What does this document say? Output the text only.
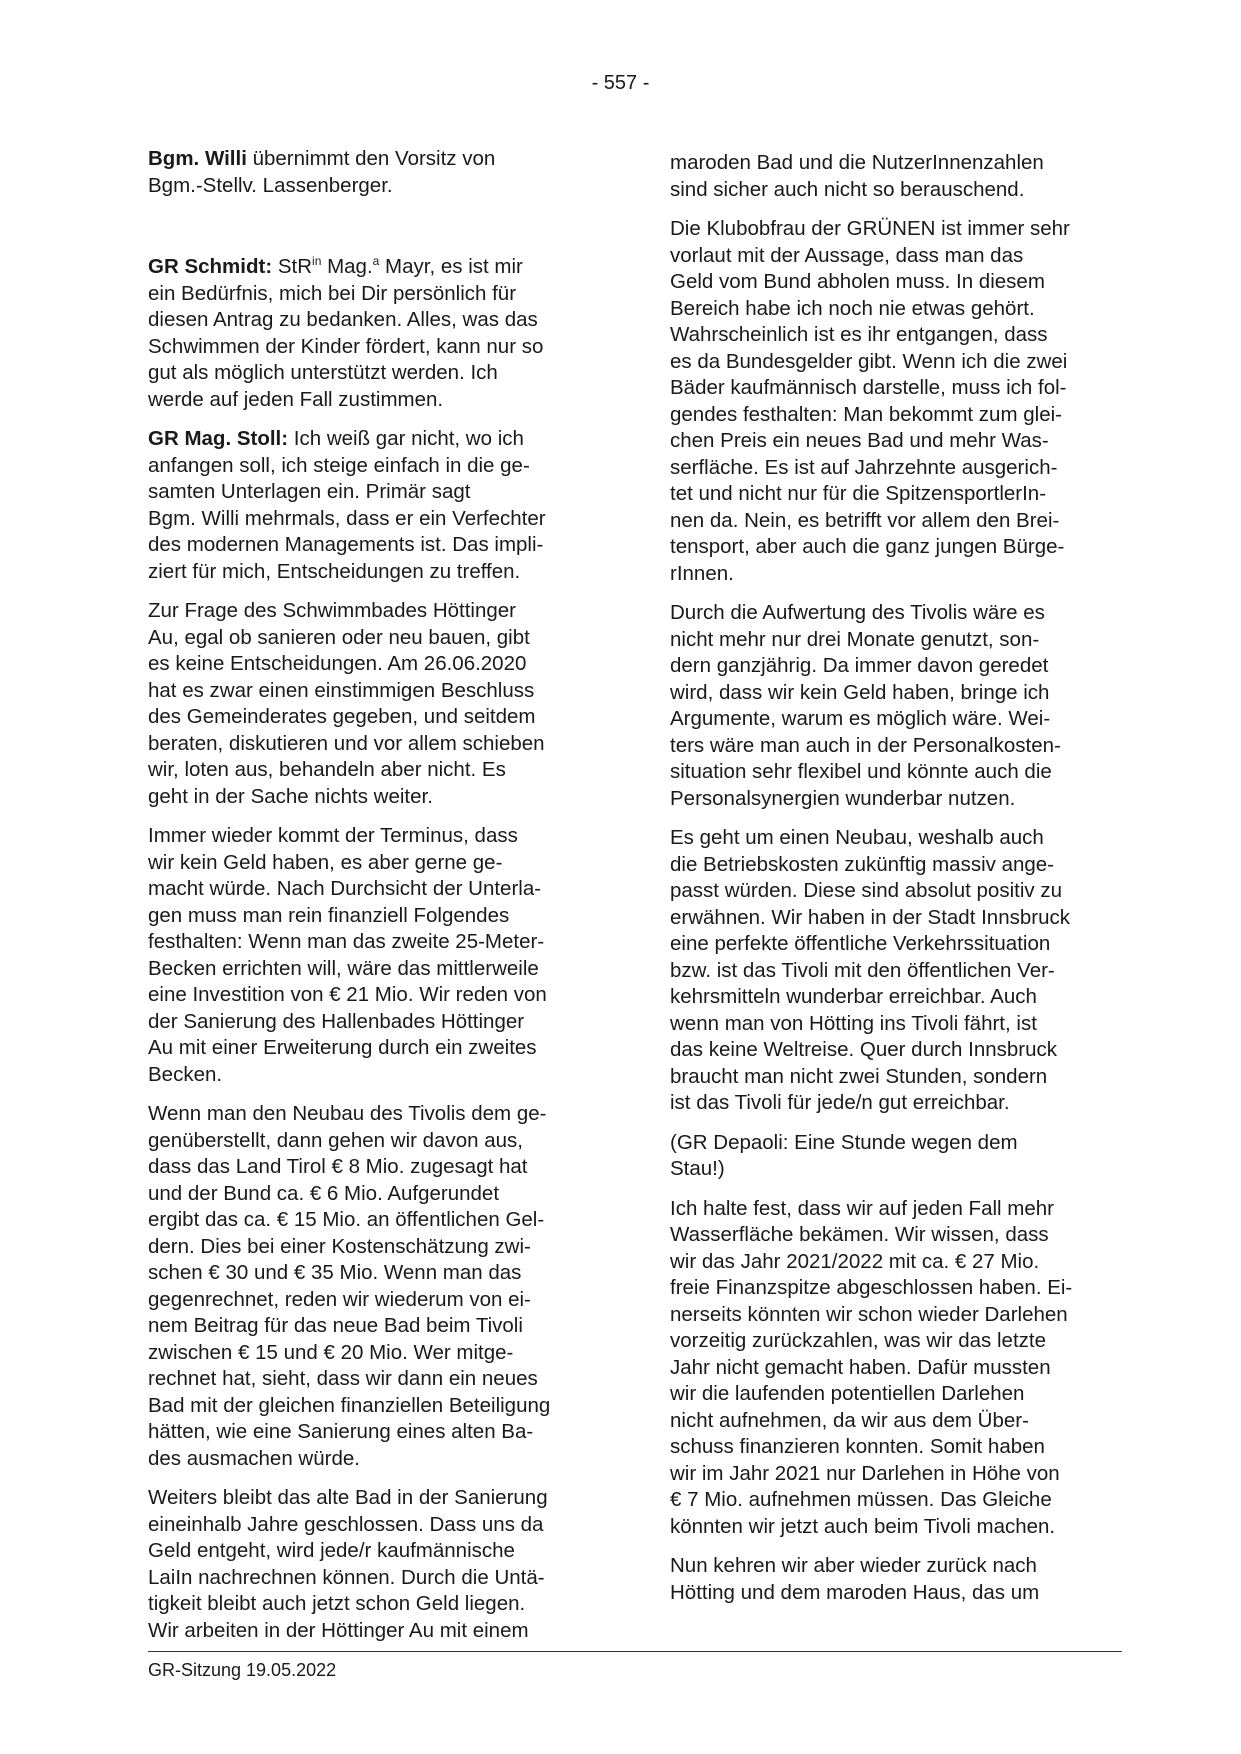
- 557 -

Bgm. Willi übernimmt den Vorsitz von
Bgm.-Stellv. Lassenberger.

GR Schmidt: StR$^{in}$ Mag.$^a$ Mayr, es ist mir
ein Bedürfnis, mich bei Dir persönlich für
diesen Antrag zu bedanken. Alles, was das
Schwimmen der Kinder fördert, kann nur so
gut als möglich unterstützt werden. Ich
werde auf jeden Fall zustimmen.

GR Mag. Stoll: Ich weiß gar nicht, wo ich
anfangen soll, ich steige einfach in die ge-
samten Unterlagen ein. Primär sagt
Bgm. Willi mehrmals, dass er ein Verfechter
des modernen Managements ist. Das impli-
ziert für mich, Entscheidungen zu treffen.

Zur Frage des Schwimmbades Höttinger
Au, egal ob sanieren oder neu bauen, gibt
es keine Entscheidungen. Am 26.06.2020
hat es zwar einen einstimmigen Beschluss
des Gemeinderates gegeben, und seitdem
beraten, diskutieren und vor allem schieben
wir, loten aus, behandeln aber nicht. Es
geht in der Sache nichts weiter.

Immer wieder kommt der Terminus, dass
wir kein Geld haben, es aber gerne ge-
macht würde. Nach Durchsicht der Unterla-
gen muss man rein finanziell Folgendes
festhalten: Wenn man das zweite 25-Meter-
Becken errichten will, wäre das mittlerweile
eine Investition von € 21 Mio. Wir reden von
der Sanierung des Hallenbades Höttinger
Au mit einer Erweiterung durch ein zweites
Becken.

Wenn man den Neubau des Tivolis dem ge-
genüberstellt, dann gehen wir davon aus,
dass das Land Tirol € 8 Mio. zugesagt hat
und der Bund ca. € 6 Mio. Aufgerundet
ergibt das ca. € 15 Mio. an öffentlichen Gel-
dern. Dies bei einer Kostenschätzung zwi-
schen € 30 und € 35 Mio. Wenn man das
gegenrechnet, reden wir wiederum von ei-
nem Beitrag für das neue Bad beim Tivoli
zwischen € 15 und € 20 Mio. Wer mitge-
rechnet hat, sieht, dass wir dann ein neues
Bad mit der gleichen finanziellen Beteiligung
hätten, wie eine Sanierung eines alten Ba-
des ausmachen würde.

Weiters bleibt das alte Bad in der Sanierung
eineinhalb Jahre geschlossen. Dass uns da
Geld entgeht, wird jede/r kaufmännische
LaiIn nachrechnen können. Durch die Untä-
tigkeit bleibt auch jetzt schon Geld liegen.
Wir arbeiten in der Höttinger Au mit einem

maroden Bad und die NutzerInnenzahlen
sind sicher auch nicht so berauschend.

Die Klubobfrau der GRÜNEN ist immer sehr
vorlaut mit der Aussage, dass man das
Geld vom Bund abholen muss. In diesem
Bereich habe ich noch nie etwas gehört.
Wahrscheinlich ist es ihr entgangen, dass
es da Bundesgelder gibt. Wenn ich die zwei
Bäder kaufmännisch darstelle, muss ich fol-
gendes festhalten: Man bekommt zum glei-
chen Preis ein neues Bad und mehr Was-
serfläche. Es ist auf Jahrzehnte ausgerich-
tet und nicht nur für die SpitzensportlerIn-
nen da. Nein, es betrifft vor allem den Brei-
tensport, aber auch die ganz jungen Bürge-
rInnen.

Durch die Aufwertung des Tivolis wäre es
nicht mehr nur drei Monate genutzt, son-
dern ganzjährig. Da immer davon geredet
wird, dass wir kein Geld haben, bringe ich
Argumente, warum es möglich wäre. Wei-
ters wäre man auch in der Personalkosten-
situation sehr flexibel und könnte auch die
Personalsynergien wunderbar nutzen.

Es geht um einen Neubau, weshalb auch
die Betriebskosten zukünftig massiv ange-
passt würden. Diese sind absolut positiv zu
erwähnen. Wir haben in der Stadt Innsbruck
eine perfekte öffentliche Verkehrssituation
bzw. ist das Tivoli mit den öffentlichen Ver-
kehrsmitteln wunderbar erreichbar. Auch
wenn man von Hötting ins Tivoli fährt, ist
das keine Weltreise. Quer durch Innsbruck
braucht man nicht zwei Stunden, sondern
ist das Tivoli für jede/n gut erreichbar.

(GR Depaoli: Eine Stunde wegen dem
Stau!)

Ich halte fest, dass wir auf jeden Fall mehr
Wasserfläche bekämen. Wir wissen, dass
wir das Jahr 2021/2022 mit ca. € 27 Mio.
freie Finanzspitze abgeschlossen haben. Ei-
nerseits könnten wir schon wieder Darlehen
vorzeitig zurückzahlen, was wir das letzte
Jahr nicht gemacht haben. Dafür mussten
wir die laufenden potentiellen Darlehen
nicht aufnehmen, da wir aus dem Über-
schuss finanzieren konnten. Somit haben
wir im Jahr 2021 nur Darlehen in Höhe von
€ 7 Mio. aufnehmen müssen. Das Gleiche
könnten wir jetzt auch beim Tivoli machen.

Nun kehren wir aber wieder zurück nach
Hötting und dem maroden Haus, das um

GR-Sitzung 19.05.2022
